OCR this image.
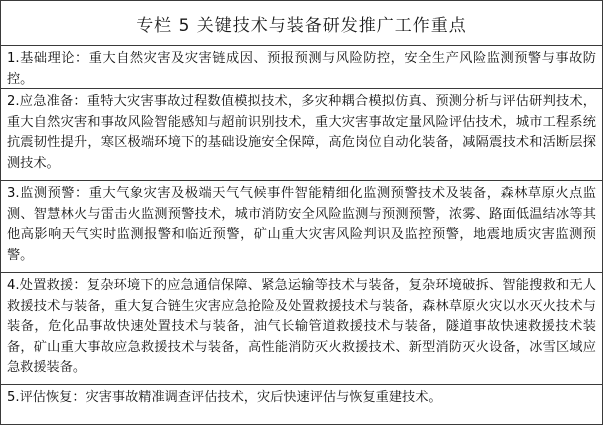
专栏 5 关键技术与装备研发推广工作重点
1.基础理论：重大自然灾害及灾害链成因、预报预测与风险防控，安全生产风险监测预警与事故防控。
2.应急准备：重特大灾害事故过程数值模拟技术，多灾种耦合模拟仿真、预测分析与评估研判技术，重大自然灾害和事故风险智能感知与超前识别技术，重大灾害事故定量风险评估技术，城市工程系统抗震韧性提升，寒区极端环境下的基础设施安全保障，高危岗位自动化装备，减隔震技术和活断层探测技术。
3.监测预警：重大气象灾害及极端天气气候事件智能精细化监测预警技术及装备，森林草原火点监测、智慧林火与雷击火监测预警技术，城市消防安全风险监测与预测预警，浓雾、路面低温结冰等其他高影响天气实时监测报警和临近预警，矿山重大灾害风险判识及监控预警，地震地质灾害监测预警。
4.处置救援：复杂环境下的应急通信保障、紧急运输等技术与装备，复杂环境破拆、智能搜救和无人救援技术与装备，重大复合链生灾害应急抢险及处置救援技术与装备，森林草原火灾以水灭火技术与装备，危化品事故快速处置技术与装备，油气长输管道救援技术与装备，隧道事故快速救援技术装备，矿山重大事故应急救援技术与装备，高性能消防灭火救援技术、新型消防灭火设备，冰雪区域应急救援装备。
5.评估恢复：灾害事故精准调查评估技术，灾后快速评估与恢复重建技术。
